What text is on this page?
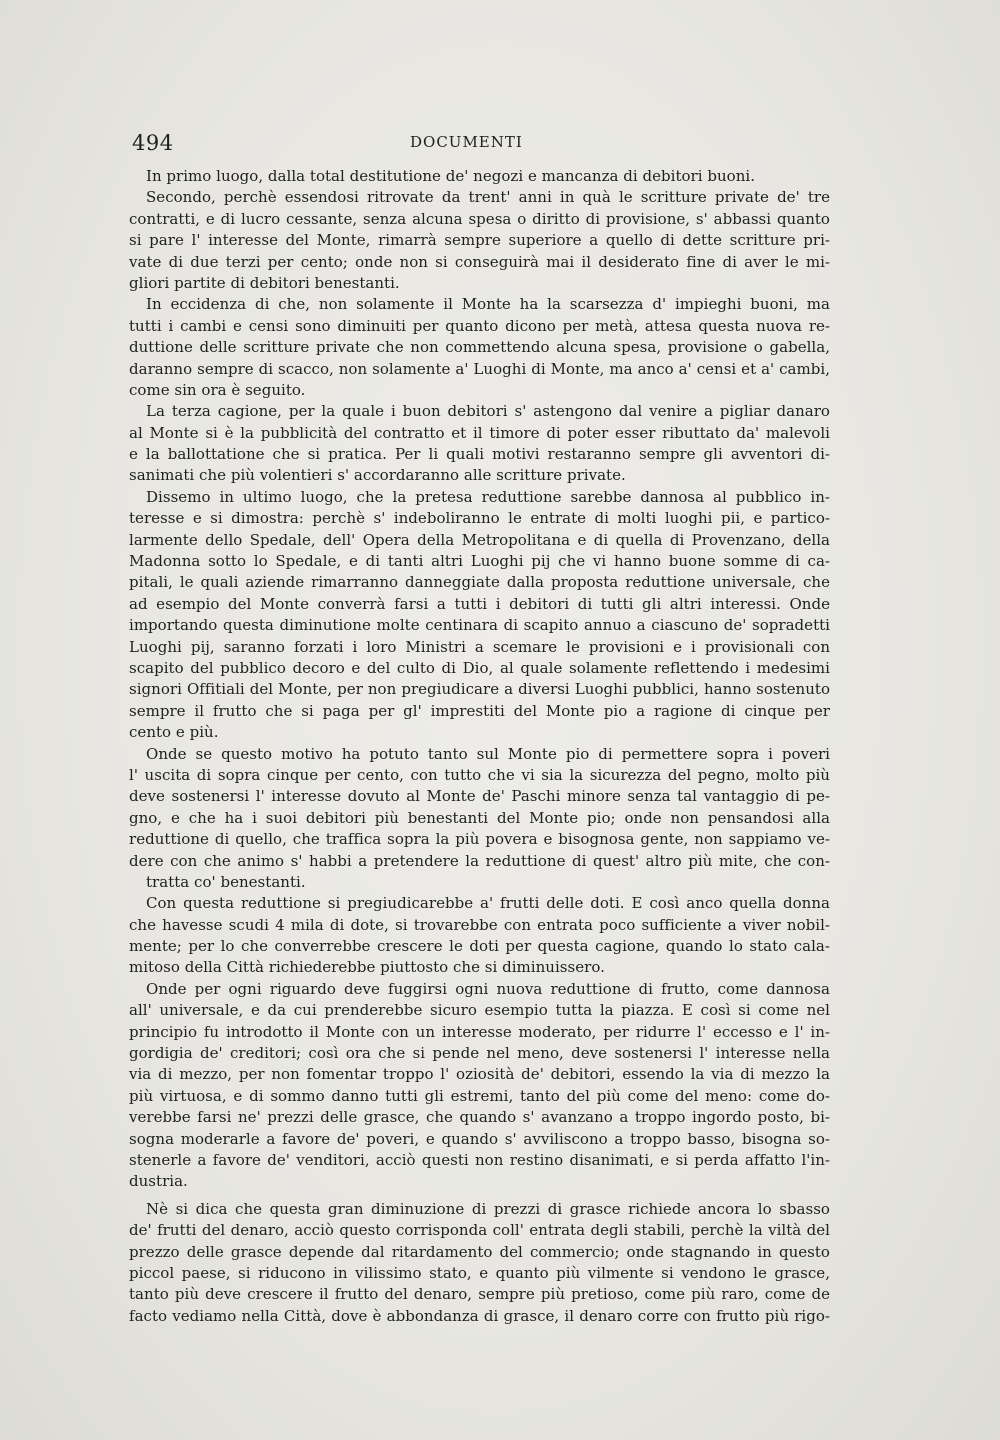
494	DOCUMENTI
In primo luogo, dalla total destitutione de' negozi e mancanza di debitori buoni.
Secondo, perchè essendosi ritrovate da trent' anni in quà le scritture private de' tre
contratti, e di lucro cessante, senza alcuna spesa o diritto di provisione, s' abbassi quanto
si pare l' interesse del Monte, rimarrà sempre superiore a quello di dette scritture pri-
vate di due terzi per cento; onde non si conseguirà mai il desiderato fine di aver le mi-
gliori partite di debitori benestanti.
In eccidenza di che, non solamente il Monte ha la scarsezza d' impieghi buoni, ma
tutti i cambi e censi sono diminuiti per quanto dicono per metà, attesa questa nuova re-
duttione delle scritture private che non commettendo alcuna spesa, provisione o gabella,
daranno sempre di scacco, non solamente a' Luoghi di Monte, ma anco a' censi et a' cambi,
come sin ora è seguito.
La terza cagione, per la quale i buon debitori s' astengono dal venire a pigliar danaro
al Monte si è la pubblicità del contratto et il timore di poter esser ributtato da' malevoli
e la ballottatione che si pratica. Per li quali motivi restaranno sempre gli avventori di-
sanimati che più volentieri s' accordaranno alle scritture private.
Dissemo in ultimo luogo, che la pretesa reduttione sarebbe dannosa al pubblico in-
teresse e si dimostra: perchè s' indeboliranno le entrate di molti luoghi pii, e partico-
larmente dello Spedale, dell' Opera della Metropolitana e di quella di Provenzano, della
Madonna sotto lo Spedale, e di tanti altri Luoghi pij che vi hanno buone somme di ca-
pitali, le quali aziende rimarranno danneggiate dalla proposta reduttione universale, che
ad esempio del Monte converrà farsi a tutti i debitori di tutti gli altri interessi. Onde
importando questa diminutione molte centinara di scapito annuo a ciascuno de' sopradetti
Luoghi pij, saranno forzati i loro Ministri a scemare le provisioni e i provisionali con
scapito del pubblico decoro e del culto di Dio, al quale solamente reflettendo i medesimi
signori Offitiali del Monte, per non pregiudicare a diversi Luoghi pubblici, hanno sostenuto
sempre il frutto che si paga per gl' imprestiti del Monte pio a ragione di cinque per
cento e più.
Onde se questo motivo ha potuto tanto sul Monte pio di permettere sopra i poveri
l' uscita di sopra cinque per cento, con tutto che vi sia la sicurezza del pegno, molto più
deve sostenersi l' interesse dovuto al Monte de' Paschi minore senza tal vantaggio di pe-
gno, e che ha i suoi debitori più benestanti del Monte pio; onde non pensandosi alla
reduttione di quello, che traffica sopra la più povera e bisognosa gente, non sappiamo ve-
dere con che animo s' habbi a pretendere la reduttione di quest' altro più mite, che con-
tratta co' benestanti.
Con questa reduttione si pregiudicarebbe a' frutti delle doti. E così anco quella donna
che havesse scudi 4 mila di dote, si trovarebbe con entrata poco sufficiente a viver nobil-
mente; per lo che converrebbe crescere le doti per questa cagione, quando lo stato cala-
mitoso della Città richiederebbe piuttosto che si diminuissero.
Onde per ogni riguardo deve fuggirsi ogni nuova reduttione di frutto, come dannosa
all' universale, e da cui prenderebbe sicuro esempio tutta la piazza. E così si come nel
principio fu introdotto il Monte con un interesse moderato, per ridurre l' eccesso e l' in-
gordigia de' creditori; così ora che si pende nel meno, deve sostenersi l' interesse nella
via di mezzo, per non fomentar troppo l' oziosità de' debitori, essendo la via di mezzo la
più virtuosa, e di sommo danno tutti gli estremi, tanto del più come del meno: come do-
verebbe farsi ne' prezzi delle grasce, che quando s' avanzano a troppo ingordo posto, bi-
sogna moderarle a favore de' poveri, e quando s' avviliscono a troppo basso, bisogna so-
stenerle a favore de' venditori, acciò questi non restino disanimati, e si perda affatto l'in-
dustria.
Nè si dica che questa gran diminuzione di prezzi di grasce richiede ancora lo sbasso
de' frutti del denaro, acciò questo corrisponda coll' entrata degli stabili, perchè la viltà del
prezzo delle grasce depende dal ritardamento del commercio; onde stagnando in questo
piccol paese, si riducono in vilissimo stato, e quanto più vilmente si vendono le grasce,
tanto più deve crescere il frutto del denaro, sempre più pretioso, come più raro, come de
facto vediamo nella Città, dove è abbondanza di grasce, il denaro corre con frutto più rigo-
